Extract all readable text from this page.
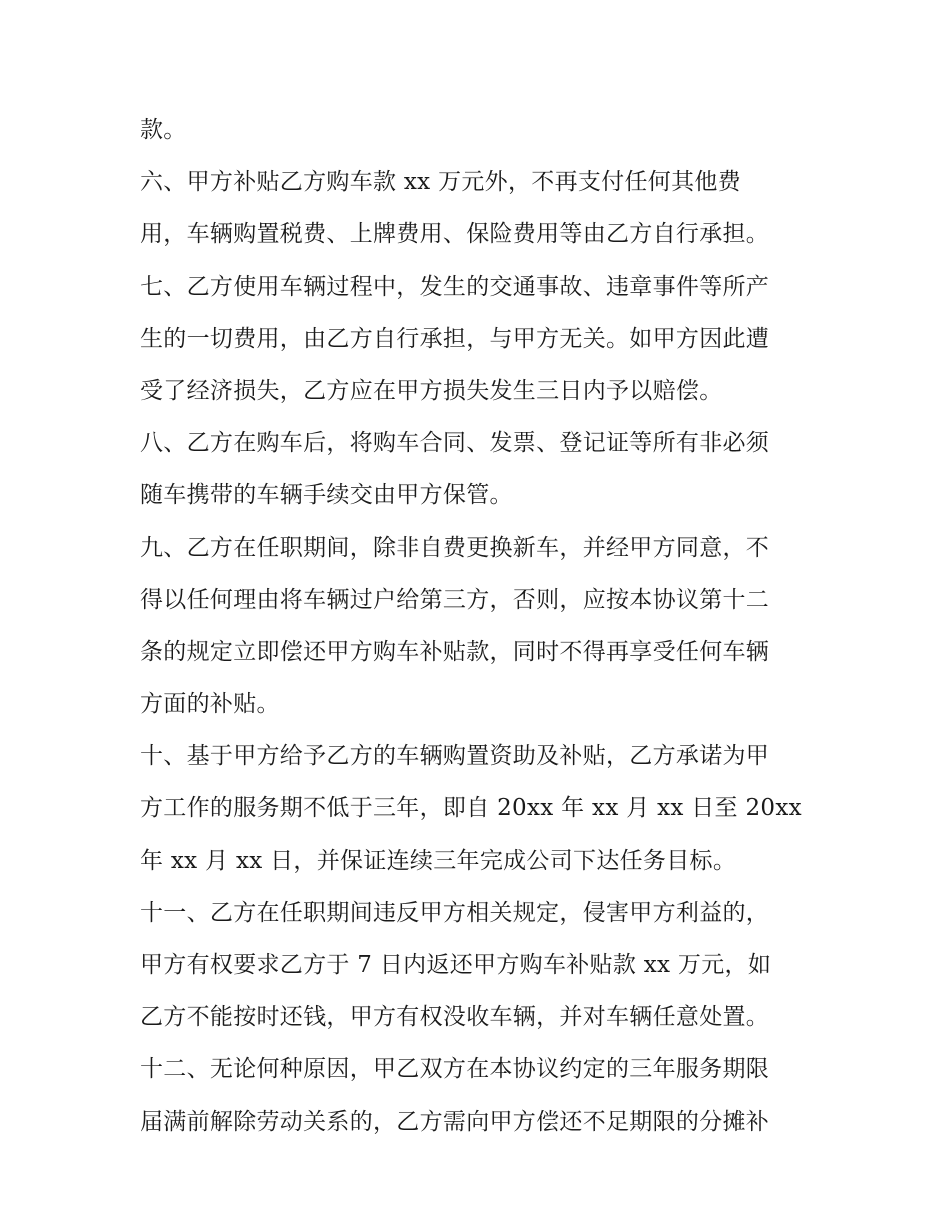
款。
六、甲方补贴乙方购车款 xx 万元外，不再支付任何其他费
用，车辆购置税费、上牌费用、保险费用等由乙方自行承担。
七、乙方使用车辆过程中，发生的交通事故、违章事件等所产
生的一切费用，由乙方自行承担，与甲方无关。如甲方因此遭
受了经济损失，乙方应在甲方损失发生三日内予以赔偿。
八、乙方在购车后，将购车合同、发票、登记证等所有非必须
随车携带的车辆手续交由甲方保管。
九、乙方在任职期间，除非自费更换新车，并经甲方同意，不
得以任何理由将车辆过户给第三方，否则，应按本协议第十二
条的规定立即偿还甲方购车补贴款，同时不得再享受任何车辆
方面的补贴。
十、基于甲方给予乙方的车辆购置资助及补贴，乙方承诺为甲
方工作的服务期不低于三年，即自 20xx 年 xx 月 xx 日至 20xx
年 xx 月 xx 日，并保证连续三年完成公司下达任务目标。
十一、乙方在任职期间违反甲方相关规定，侵害甲方利益的，
甲方有权要求乙方于 7 日内返还甲方购车补贴款 xx 万元，如
乙方不能按时还钱，甲方有权没收车辆，并对车辆任意处置。
十二、无论何种原因，甲乙双方在本协议约定的三年服务期限
届满前解除劳动关系的，乙方需向甲方偿还不足期限的分摊补
